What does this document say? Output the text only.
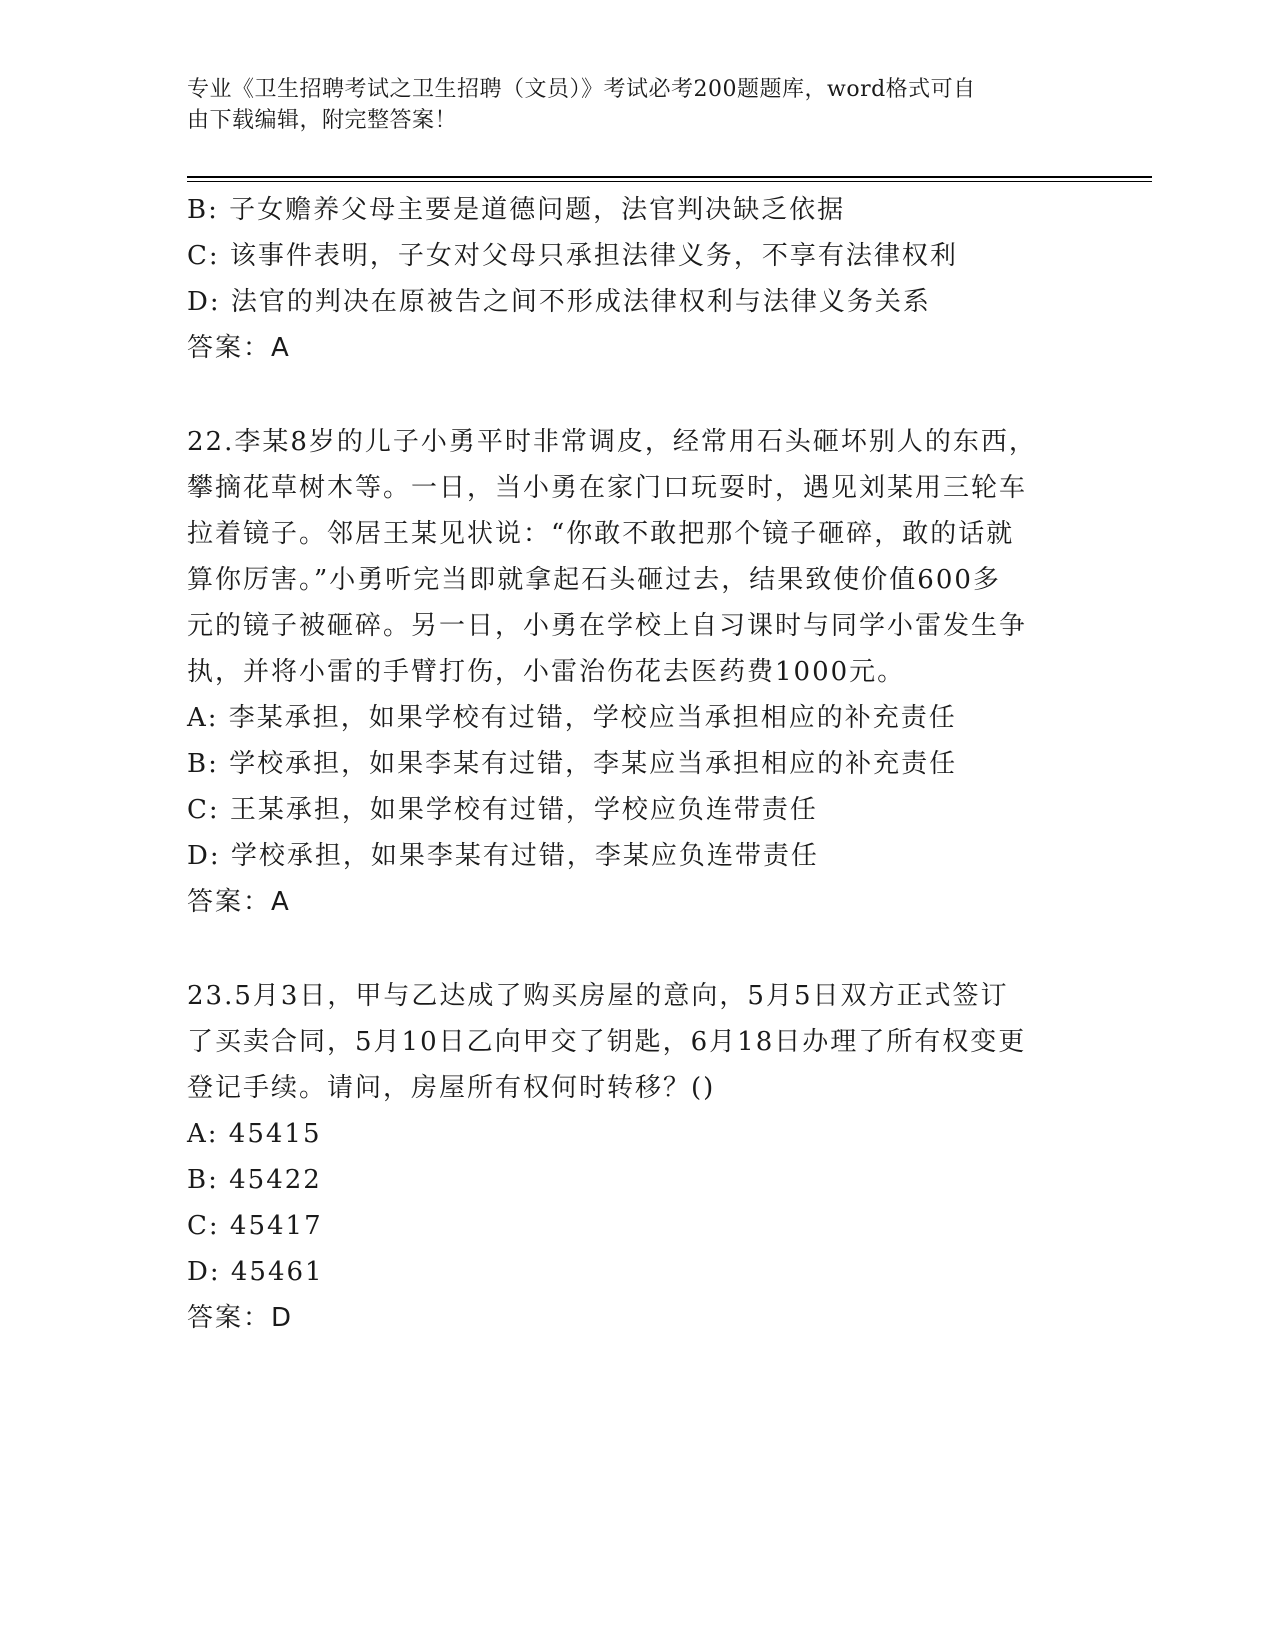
专业《卫生招聘考试之卫生招聘（文员）》考试必考200题题库，word格式可自
由下载编辑，附完整答案！
B: 子女赡养父母主要是道德问题，法官判决缺乏依据
C: 该事件表明，子女对父母只承担法律义务，不享有法律权利
D: 法官的判决在原被告之间不形成法律权利与法律义务关系
答案：A
22.李某8岁的儿子小勇平时非常调皮，经常用石头砸坏别人的东西，
攀摘花草树木等。一日，当小勇在家门口玩耍时，遇见刘某用三轮车
拉着镜子。邻居王某见状说：“你敢不敢把那个镜子砸碎，敢的话就
算你厉害。”小勇听完当即就拿起石头砸过去，结果致使价值600多
元的镜子被砸碎。另一日，小勇在学校上自习课时与同学小雷发生争
执，并将小雷的手臂打伤，小雷治伤花去医药费1000元。
A: 李某承担，如果学校有过错，学校应当承担相应的补充责任
B: 学校承担，如果李某有过错，李某应当承担相应的补充责任
C: 王某承担，如果学校有过错，学校应负连带责任
D: 学校承担，如果李某有过错，李某应负连带责任
答案：A
23.5月3日，甲与乙达成了购买房屋的意向，5月5日双方正式签订
了买卖合同，5月10日乙向甲交了钥匙，6月18日办理了所有权变更
登记手续。请问，房屋所有权何时转移？()
A: 45415
B: 45422
C: 45417
D: 45461
答案：D
